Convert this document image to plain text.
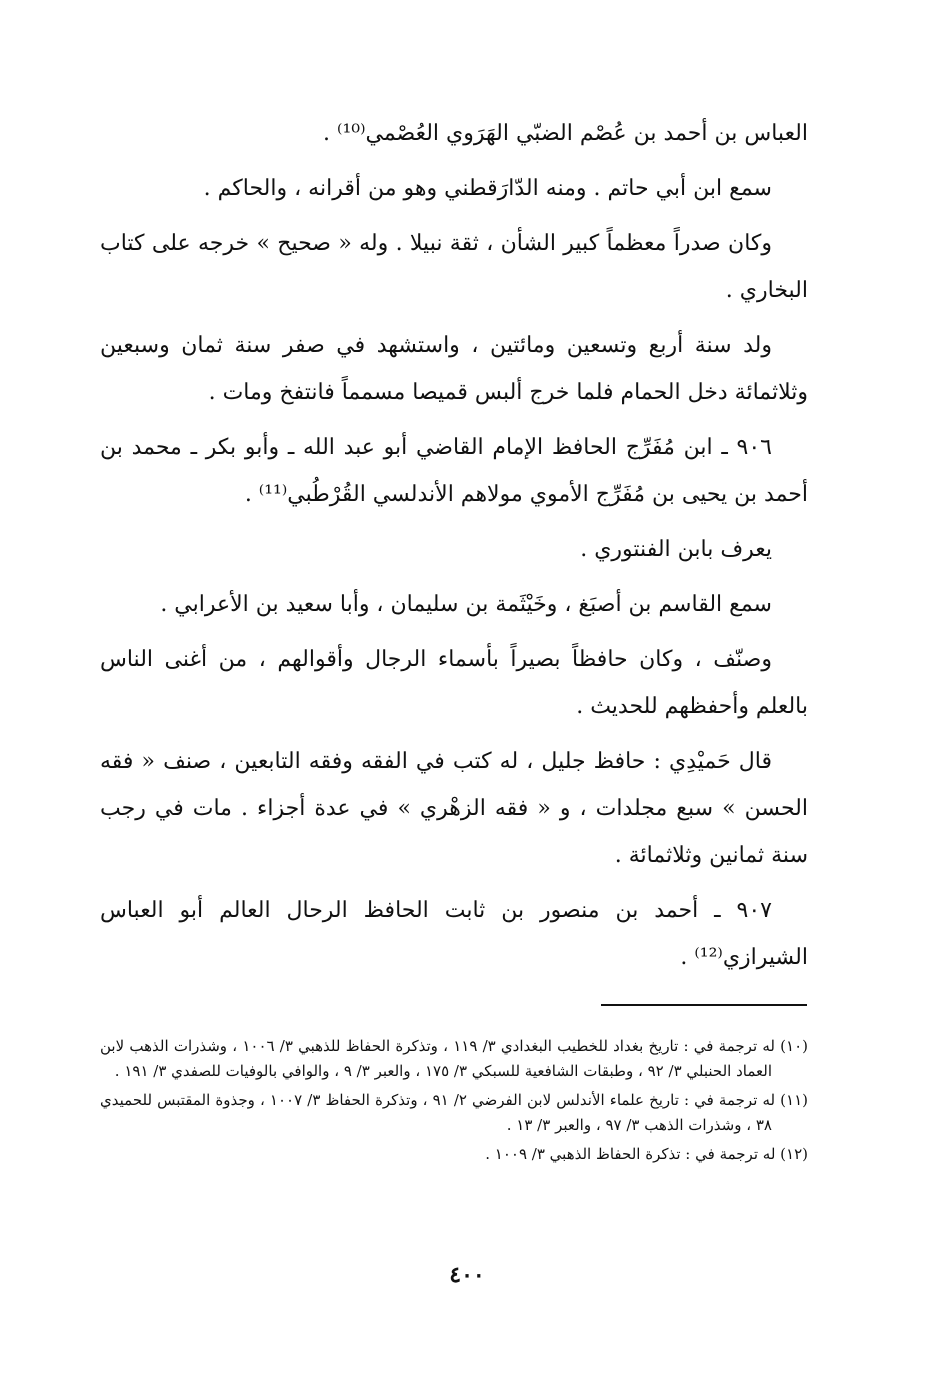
العباس بن أحمد بن عُصْم الضبّي الهَرَوي العُصْمي⁽¹⁰⁾ .

سمع ابن أبي حاتم . ومنه الدّارَقطني وهو من أقرانه ، والحاكم .

وكان صدراً معظماً كبير الشأن ، ثقة نبيلا . وله « صحيح » خرجه على كتاب البخاري .

ولد سنة أربع وتسعين ومائتين ، واستشهد في صفر سنة ثمان وسبعين وثلاثمائة دخل الحمام فلما خرج ألبس قميصا مسمماً فانتفخ ومات .

٩٠٦ ـ ابن مُفَرِّج الحافظ الإمام القاضي أبو عبد الله ـ وأبو بكر ـ محمد بن أحمد بن يحيى بن مُفَرِّج الأموي مولاهم الأندلسي القُرْطُبي⁽¹¹⁾ .

يعرف بابن الفنتوري .

سمع القاسم بن أصبَغ ، وخَيْثَمة بن سليمان ، وأبا سعيد بن الأعرابي .

وصنّف ، وكان حافظاً بصيراً بأسماء الرجال وأقوالهم ، من أغنى الناس بالعلم وأحفظهم للحديث .

قال حَميْدِي : حافظ جليل ، له كتب في الفقه وفقه التابعين ، صنف « فقه الحسن » سبع مجلدات ، و « فقه الزهْري » في عدة أجزاء . مات في رجب سنة ثمانين وثلاثمائة .

٩٠٧ ـ أحمد بن منصور بن ثابت الحافظ الرحال العالم أبو العباس الشيرازي⁽¹²⁾ .

(١٠) له ترجمة في : تاريخ بغداد للخطيب البغدادي ٣/ ١١٩ ، وتذكرة الحفاظ للذهبي ٣/ ١٠٠٦ ، وشذرات الذهب لابن العماد الحنبلي ٣/ ٩٢ ، وطبقات الشافعية للسبكي ٣/ ١٧٥ ، والعبر ٣/ ٩ ، والوافي بالوفيات للصفدي ٣/ ١٩١ .

(١١) له ترجمة في : تاريخ علماء الأندلس لابن الفرضي ٢/ ٩١ ، وتذكرة الحفاظ ٣/ ١٠٠٧ ، وجذوة المقتبس للحميدي ٣٨ ، وشذرات الذهب ٣/ ٩٧ ، والعبر ٣/ ١٣ .

(١٢) له ترجمة في : تذكرة الحفاظ الذهبي ٣/ ١٠٠٩ .

٤٠٠
